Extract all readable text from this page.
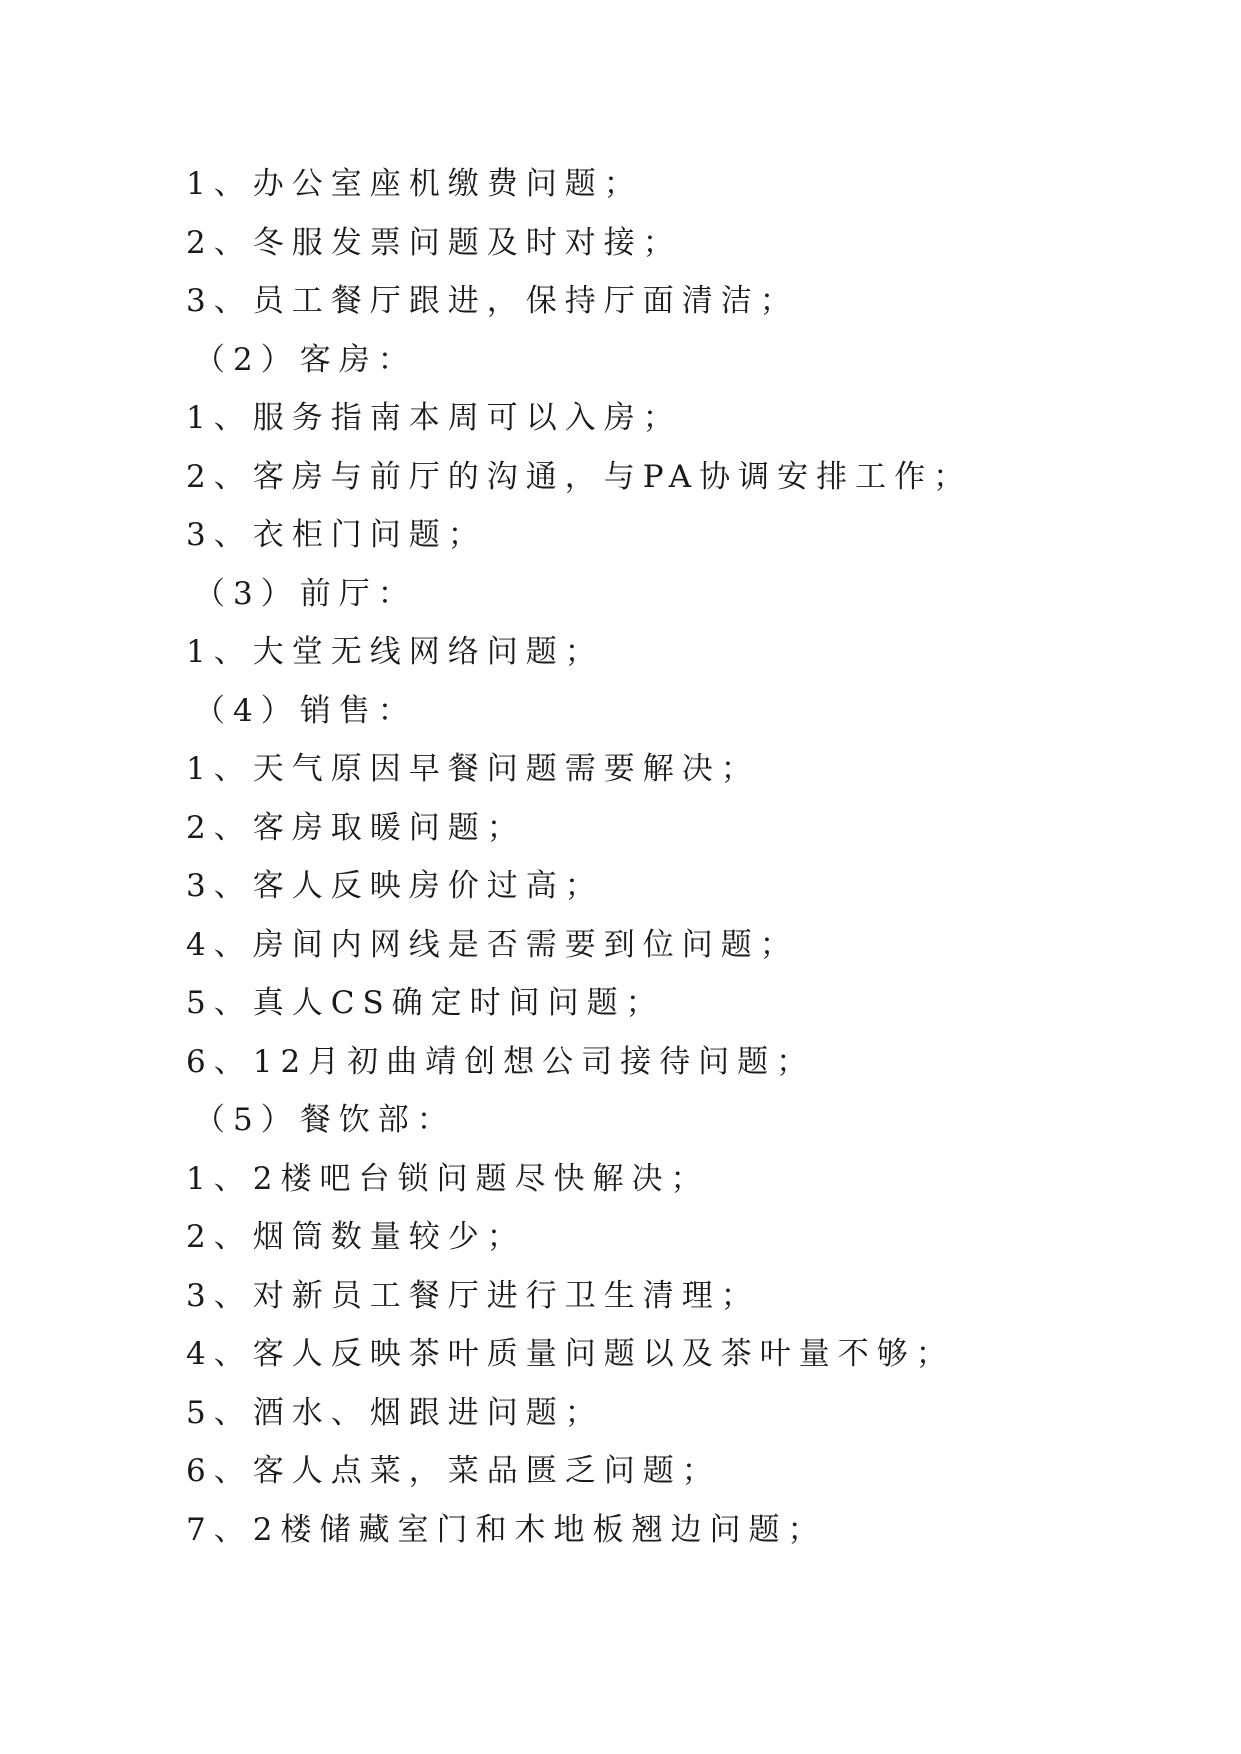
1、办公室座机缴费问题；
2、冬服发票问题及时对接；
3、员工餐厅跟进，保持厅面清洁；
（2）客房：
1、服务指南本周可以入房；
2、客房与前厅的沟通，与PA协调安排工作；
3、衣柜门问题；
（3）前厅：
1、大堂无线网络问题；
（4）销售：
1、天气原因早餐问题需要解决；
2、客房取暖问题；
3、客人反映房价过高；
4、房间内网线是否需要到位问题；
5、真人CS确定时间问题；
6、12月初曲靖创想公司接待问题；
（5）餐饮部：
1、2楼吧台锁问题尽快解决；
2、烟筒数量较少；
3、对新员工餐厅进行卫生清理；
4、客人反映茶叶质量问题以及茶叶量不够；
5、酒水、烟跟进问题；
6、客人点菜，菜品匮乏问题；
7、2楼储藏室门和木地板翘边问题；
